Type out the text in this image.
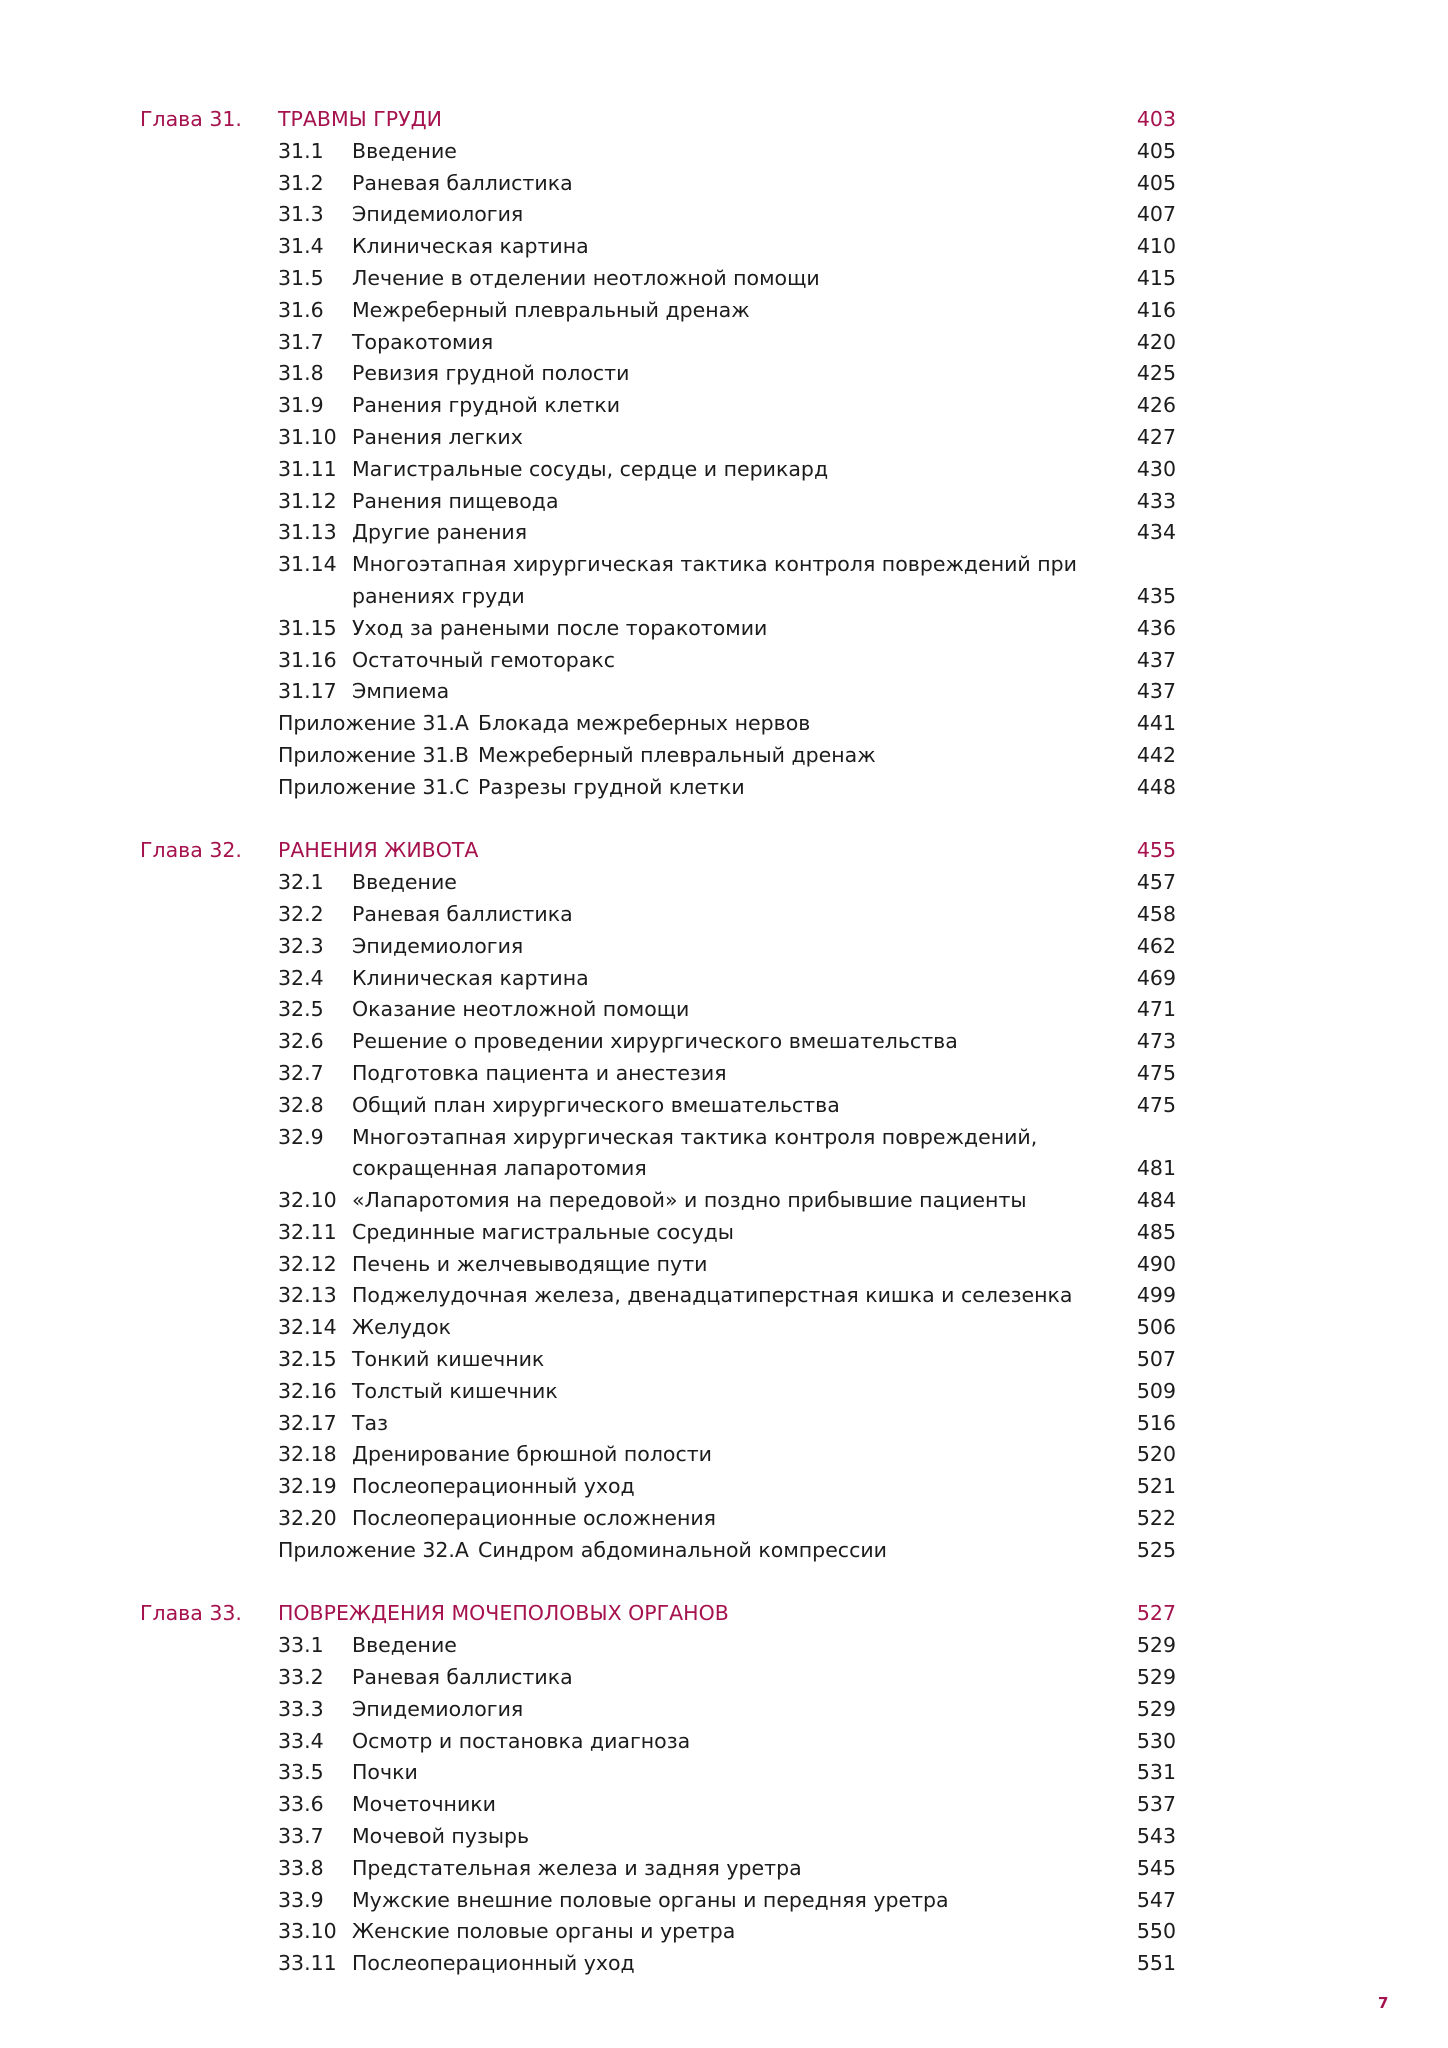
Глава 31. ТРАВМЫ ГРУДИ	403
31.1 Введение	405
31.2 Раневая баллистика	405
31.3 Эпидемиология	407
31.4 Клиническая картина	410
31.5 Лечение в отделении неотложной помощи	415
31.6 Межреберный плевральный дренаж	416
31.7 Торакотомия	420
31.8 Ревизия грудной полости	425
31.9 Ранения грудной клетки	426
31.10 Ранения легких	427
31.11 Магистральные сосуды, сердце и перикард	430
31.12 Ранения пищевода	433
31.13 Другие ранения	434
31.14 Многоэтапная хирургическая тактика контроля повреждений при
ранениях груди	435
31.15 Уход за ранеными после торакотомии	436
31.16 Остаточный гемоторакс	437
31.17 Эмпиема	437
Приложение 31.A Блокада межреберных нервов	441
Приложение 31.B Межреберный плевральный дренаж	442
Приложение 31.C Разрезы грудной клетки	448
Глава 32. РАНЕНИЯ ЖИВОТА	455
32.1 Введение	457
32.2 Раневая баллистика	458
32.3 Эпидемиология	462
32.4 Клиническая картина	469
32.5 Оказание неотложной помощи	471
32.6 Решение о проведении хирургического вмешательства	473
32.7 Подготовка пациента и анестезия	475
32.8 Общий план хирургического вмешательства	475
32.9 Многоэтапная хирургическая тактика контроля повреждений,
сокращенная лапаротомия	481
32.10 «Лапаротомия на передовой» и поздно прибывшие пациенты	484
32.11 Срединные магистральные сосуды	485
32.12 Печень и желчевыводящие пути	490
32.13 Поджелудочная железа, двенадцатиперстная кишка и селезенка	499
32.14 Желудок	506
32.15 Тонкий кишечник	507
32.16 Толстый кишечник	509
32.17 Таз	516
32.18 Дренирование брюшной полости	520
32.19 Послеоперационный уход	521
32.20 Послеоперационные осложнения	522
Приложение 32.A Синдром абдоминальной компрессии	525
Глава 33. ПОВРЕЖДЕНИЯ МОЧЕПОЛОВЫХ ОРГАНОВ	527
33.1 Введение	529
33.2 Раневая баллистика	529
33.3 Эпидемиология	529
33.4 Осмотр и постановка диагноза	530
33.5 Почки	531
33.6 Мочеточники	537
33.7 Мочевой пузырь	543
33.8 Предстательная железа и задняя уретра	545
33.9 Мужские внешние половые органы и передняя уретра	547
33.10 Женские половые органы и уретра	550
33.11 Послеоперационный уход	551
7
